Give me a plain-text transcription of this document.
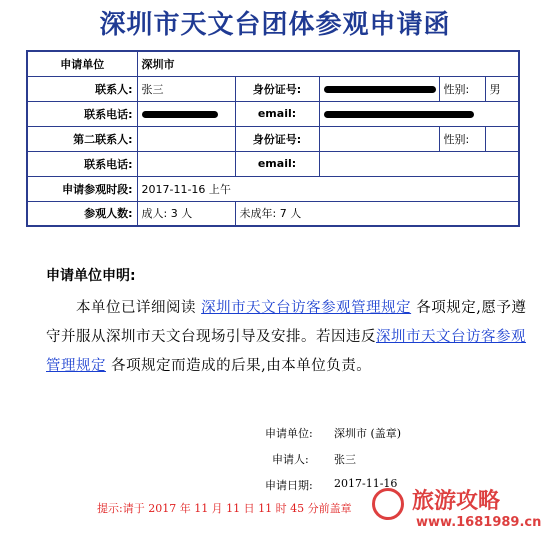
深圳市天文台团体参观申请函
申请单位	深圳市				
联系人:	张三	身份证号:		性别:	男
联系电话:		email:			
第二联系人:		身份证号:		性别:	
联系电话:		email:			
申请参观时段:	2017-11-16 上午				
参观人数:	成人: 3 人	未成年: 7 人			
申请单位申明:
本单位已详细阅读 深圳市天文台访客参观管理规定 各项规定,愿予遵守并服从深圳市天文台现场引导及安排。若因违反深圳市天文台访客参观管理规定 各项规定而造成的后果,由本单位负责。
申请单位: 深圳市 (盖章)
申请人: 张三
申请日期: 2017-11-16
提示:请于 2017 年 11 月 11 日 11 时 45 分前盖章	旅游攻略
www.1681989.cn
